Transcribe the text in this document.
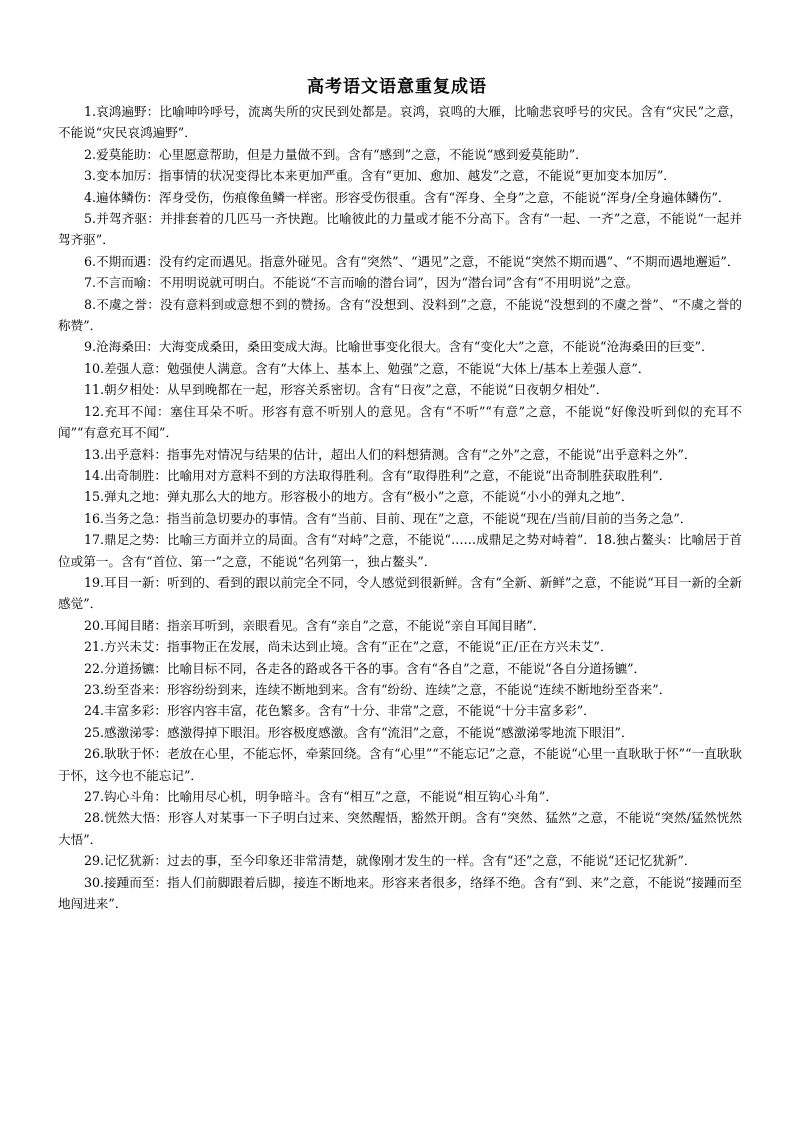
高考语文语意重复成语

1.哀鸿遍野：比喻呻吟呼号，流离失所的灾民到处都是。哀鸿，哀鸣的大雁，比喻悲哀呼号的灾民。含有“灾民”之意，不能说“灾民哀鸿遍野”．

2.爱莫能助：心里愿意帮助，但是力量做不到。含有“感到”之意，不能说“感到爱莫能助”．

3.变本加厉：指事情的状况变得比本来更加严重。含有“更加、愈加、越发”之意，不能说“更加变本加厉”．

4.遍体鳞伤：浑身受伤，伤痕像鱼鳞一样密。形容受伤很重。含有“浑身、全身”之意，不能说“浑身/全身遍体鳞伤”．

5.并驾齐驱：并排套着的几匹马一齐快跑。比喻彼此的力量或才能不分高下。含有“一起、一齐”之意，不能说“一起并驾齐驱”．

6.不期而遇：没有约定而遇见。指意外碰见。含有“突然”、“遇见”之意，不能说“突然不期而遇”、“不期而遇地邂逅”．

7.不言而喻：不用明说就可明白。不能说“不言而喻的潜台词”，因为“潜台词”含有“不用明说”之意。

8.不虞之誉：没有意料到或意想不到的赞扬。含有“没想到、没料到”之意，不能说“没想到的不虞之誉”、“不虞之誉的称赞”．

9.沧海桑田：大海变成桑田，桑田变成大海。比喻世事变化很大。含有“变化大”之意，不能说“沧海桑田的巨变”．

10.差强人意：勉强使人满意。含有“大体上、基本上、勉强”之意，不能说“大体上/基本上差强人意”．

11.朝夕相处：从早到晚都在一起，形容关系密切。含有“日夜”之意，不能说“日夜朝夕相处”．

12.充耳不闻：塞住耳朵不听。形容有意不听别人的意见。含有“不听”“有意”之意，不能说“好像没听到似的充耳不闻”“有意充耳不闻”．

13.出乎意料：指事先对情况与结果的估计，超出人们的料想猜测。含有“之外”之意，不能说“出乎意料之外”．

14.出奇制胜：比喻用对方意料不到的方法取得胜利。含有“取得胜利”之意，不能说“出奇制胜获取胜利”．

15.弹丸之地：弹丸那么大的地方。形容极小的地方。含有“极小”之意，不能说“小小的弹丸之地”．

16.当务之急：指当前急切要办的事情。含有“当前、目前、现在”之意，不能说“现在/当前/目前的当务之急”．

17.鼎足之势：比喻三方面并立的局面。含有“对峙”之意，不能说“……成鼎足之势对峙着”．18.独占鳌头：比喻居于首位或第一。含有“首位、第一”之意，不能说“名列第一，独占鳌头”．

19.耳目一新：听到的、看到的跟以前完全不同，令人感觉到很新鲜。含有“全新、新鲜”之意，不能说“耳目一新的全新感觉”．

20.耳闻目睹：指亲耳听到，亲眼看见。含有“亲自”之意，不能说“亲自耳闻目睹”．

21.方兴未艾：指事物正在发展，尚未达到止境。含有“正在”之意，不能说“正/正在方兴未艾”．

22.分道扬镳：比喻目标不同，各走各的路或各干各的事。含有“各自”之意，不能说“各自分道扬镳”．

23.纷至沓来：形容纷纷到来，连续不断地到来。含有“纷纷、连续”之意，不能说“连续不断地纷至沓来”．

24.丰富多彩：形容内容丰富，花色繁多。含有“十分、非常”之意，不能说“十分丰富多彩”．

25.感激涕零：感激得掉下眼泪。形容极度感激。含有“流泪”之意，不能说“感激涕零地流下眼泪”．

26.耿耿于怀：老放在心里，不能忘怀，牵萦回绕。含有“心里”“不能忘记”之意，不能说“心里一直耿耿于怀”“一直耿耿于怀，这今也不能忘记”．

27.钩心斗角：比喻用尽心机，明争暗斗。含有“相互”之意，不能说“相互钩心斗角”．

28.恍然大悟：形容人对某事一下子明白过来、突然醒悟，豁然开朗。含有“突然、猛然”之意，不能说“突然/猛然恍然大悟”．

29.记忆犹新：过去的事，至今印象还非常清楚，就像刚才发生的一样。含有“还”之意，不能说“还记忆犹新”．

30.接踵而至：指人们前脚跟着后脚，接连不断地来。形容来者很多，络绎不绝。含有“到、来”之意，不能说“接踵而至地闯进来”．
